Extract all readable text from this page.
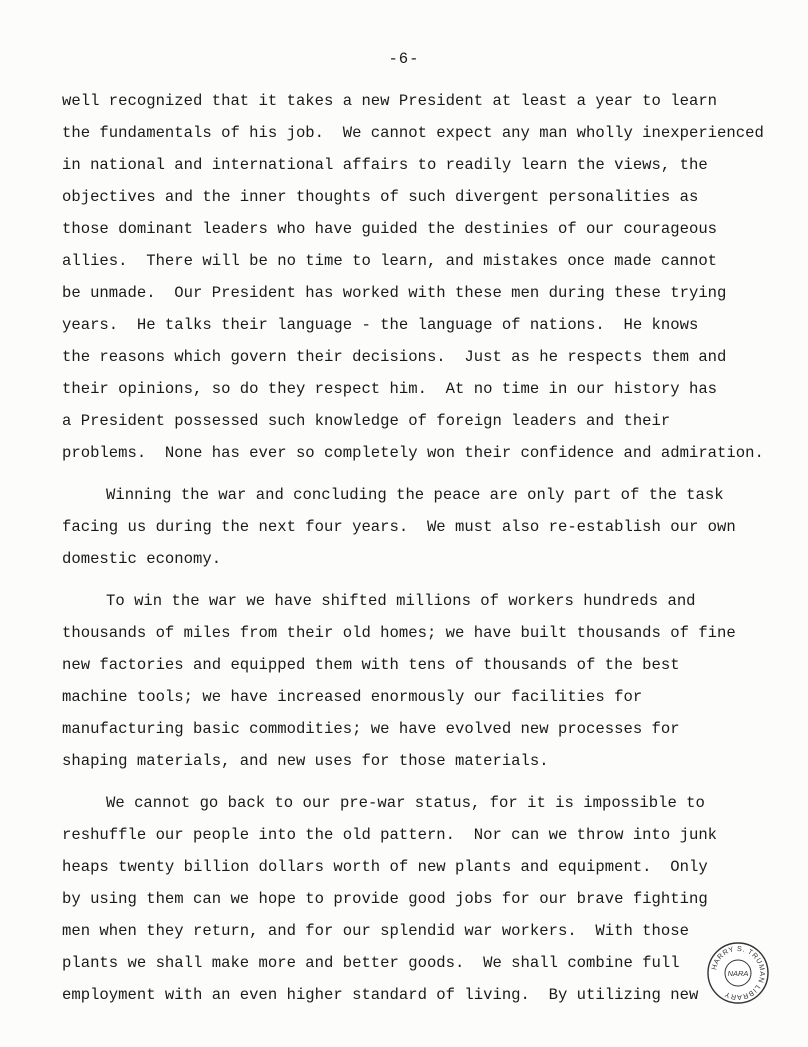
-6-
well recognized that it takes a new President at least a year to learn
the fundamentals of his job.  We cannot expect any man wholly inexperienced
in national and international affairs to readily learn the views, the
objectives and the inner thoughts of such divergent personalities as
those dominant leaders who have guided the destinies of our courageous
allies.  There will be no time to learn, and mistakes once made cannot
be unmade.  Our President has worked with these men during these trying
years.  He talks their language - the language of nations.  He knows
the reasons which govern their decisions.  Just as he respects them and
their opinions, so do they respect him.  At no time in our history has
a President possessed such knowledge of foreign leaders and their
problems.  None has ever so completely won their confidence and admiration.
Winning the war and concluding the peace are only part of the task
facing us during the next four years.  We must also re-establish our own
domestic economy.
To win the war we have shifted millions of workers hundreds and
thousands of miles from their old homes; we have built thousands of fine
new factories and equipped them with tens of thousands of the best
machine tools; we have increased enormously our facilities for
manufacturing basic commodities; we have evolved new processes for
shaping materials, and new uses for those materials.
We cannot go back to our pre-war status, for it is impossible to
reshuffle our people into the old pattern.  Nor can we throw into junk
heaps twenty billion dollars worth of new plants and equipment.  Only
by using them can we hope to provide good jobs for our brave fighting
men when they return, and for our splendid war workers.  With those
plants we shall make more and better goods.  We shall combine full
employment with an even higher standard of living.  By utilizing new
HARRY S. TRUMAN LIBRARY
NARA
